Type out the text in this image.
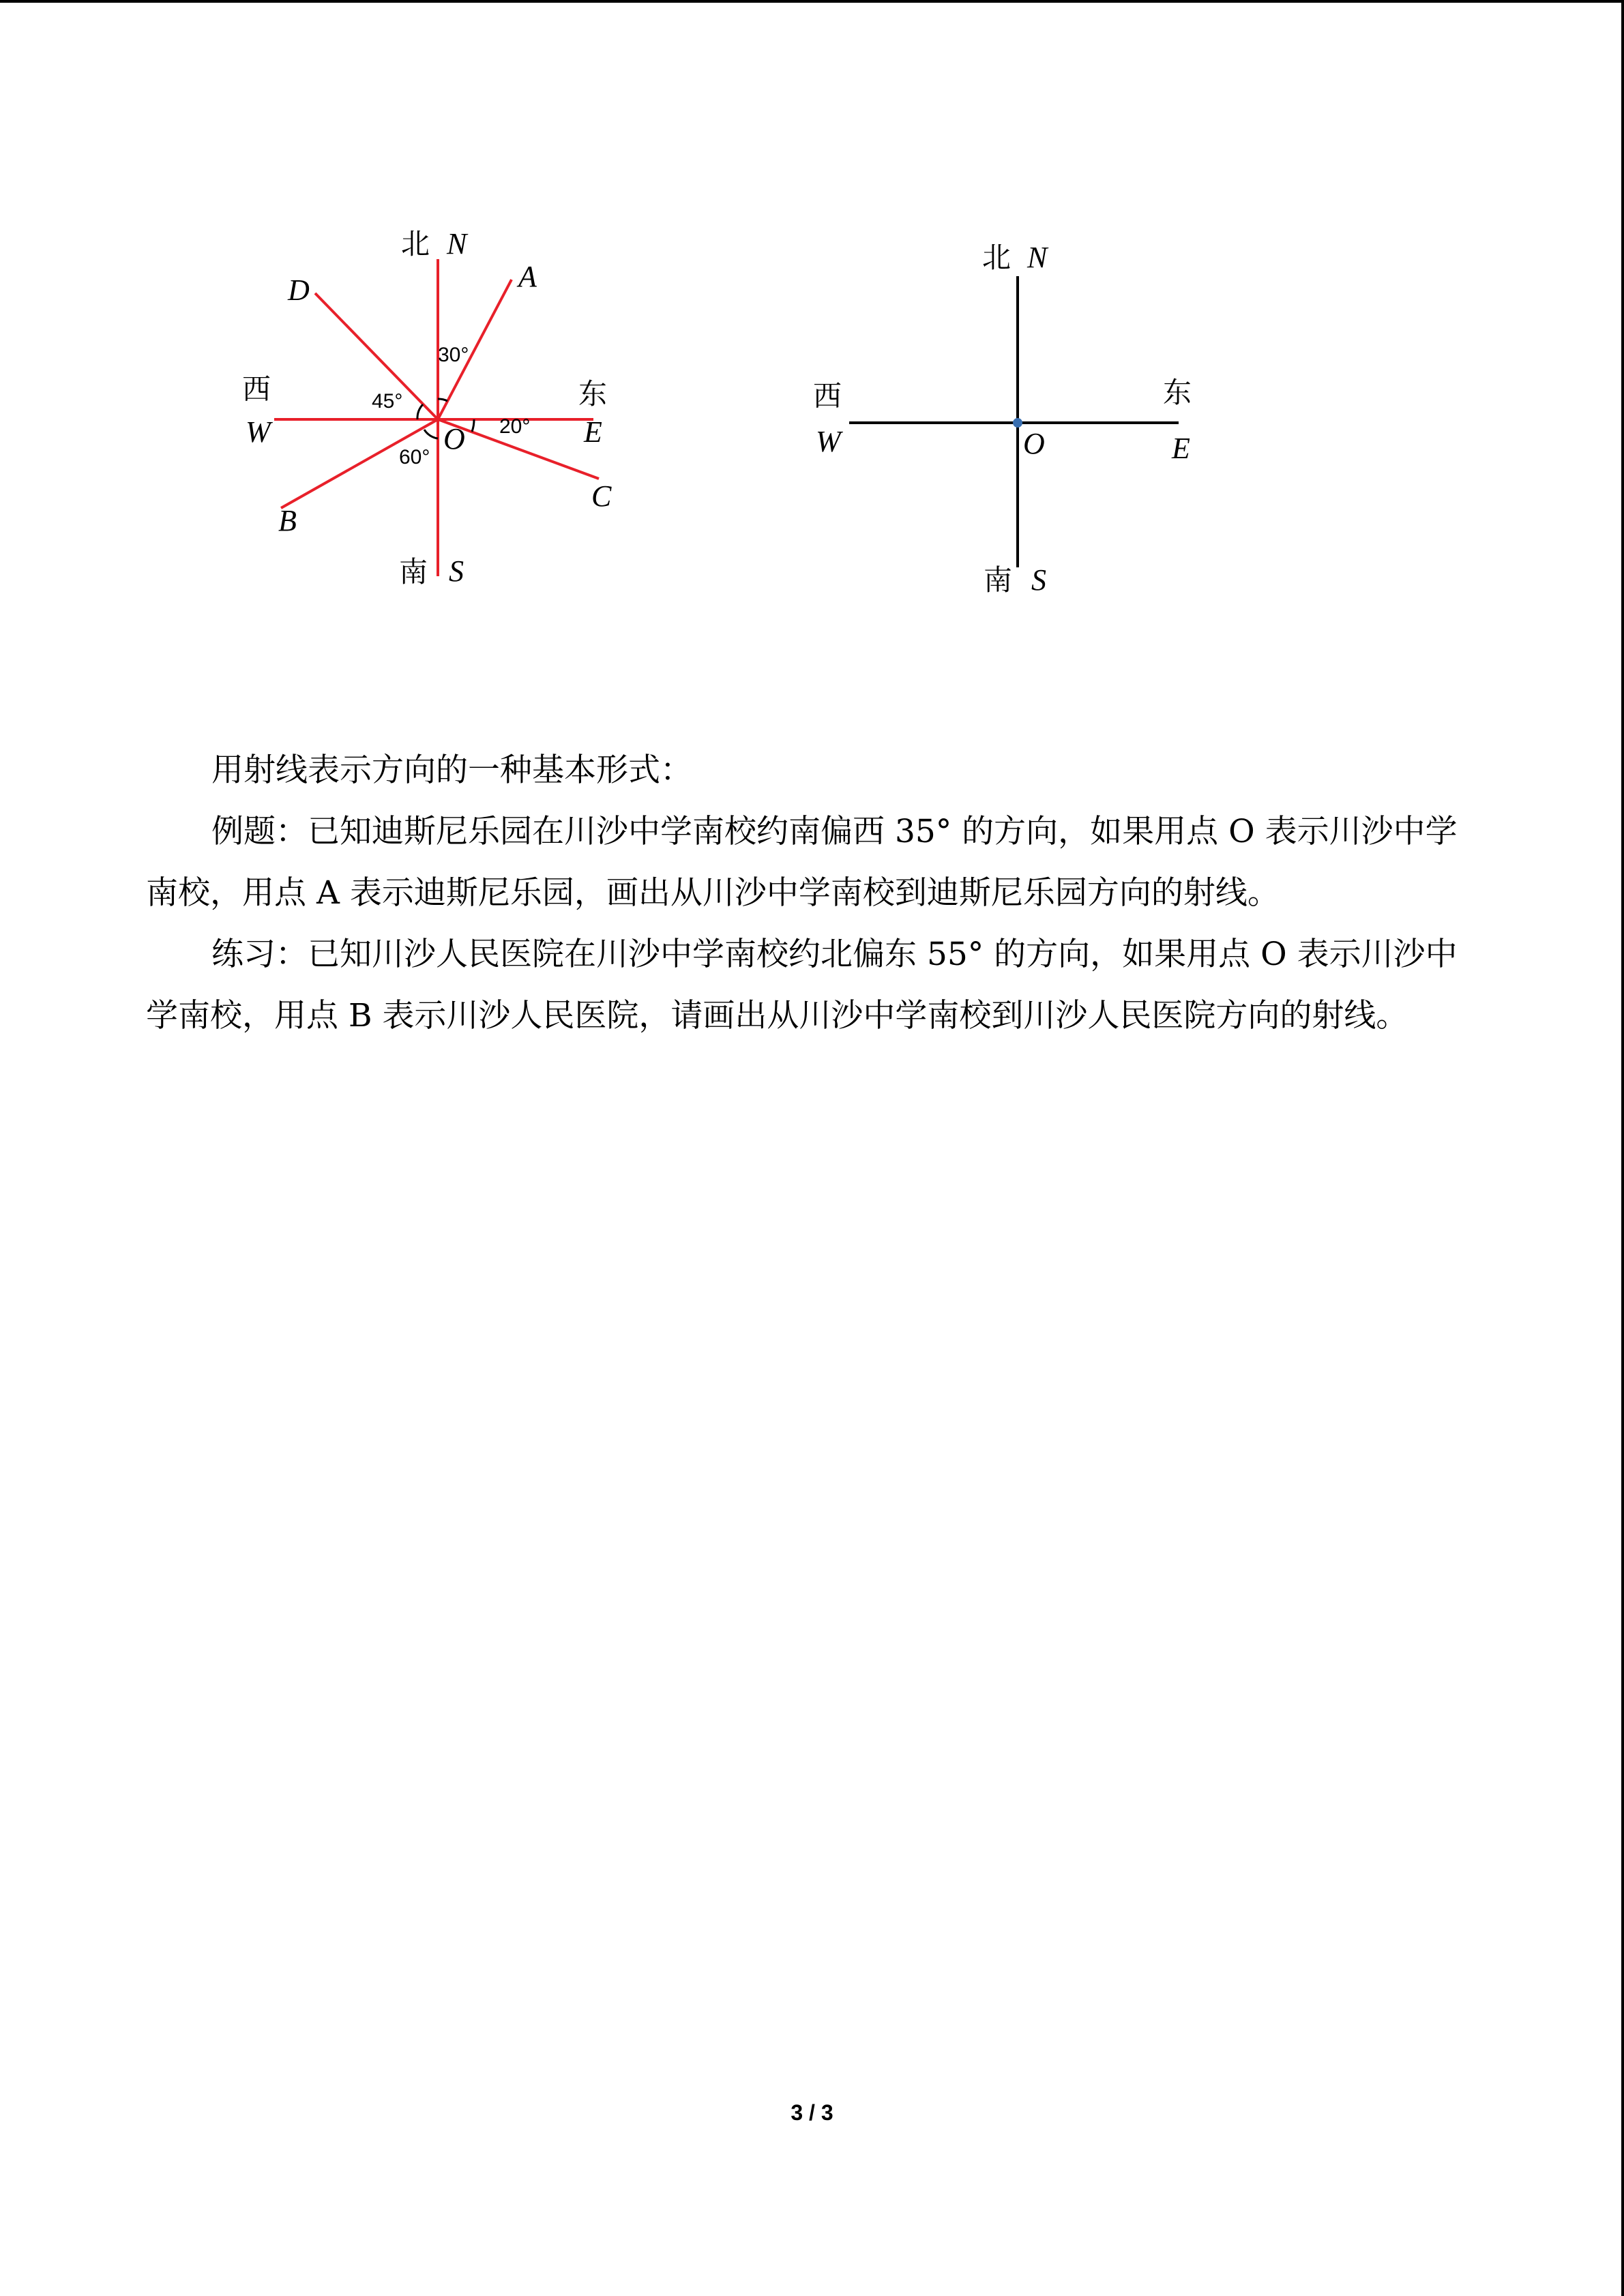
北 N
南 S
西
W
东
E
O
A
B
C
D
30°
45°
60°
20°
北 N
南 S
西
W
东
E
O

用射线表示方向的一种基本形式：

例题：已知迪斯尼乐园在川沙中学南校约南偏西 35° 的方向，如果用点 O 表示川沙中学南校，用点 A 表示迪斯尼乐园，画出从川沙中学南校到迪斯尼乐园方向的射线。

练习：已知川沙人民医院在川沙中学南校约北偏东 55° 的方向，如果用点 O 表示川沙中学南校，用点 B 表示川沙人民医院，请画出从川沙中学南校到川沙人民医院方向的射线。

3 / 3
